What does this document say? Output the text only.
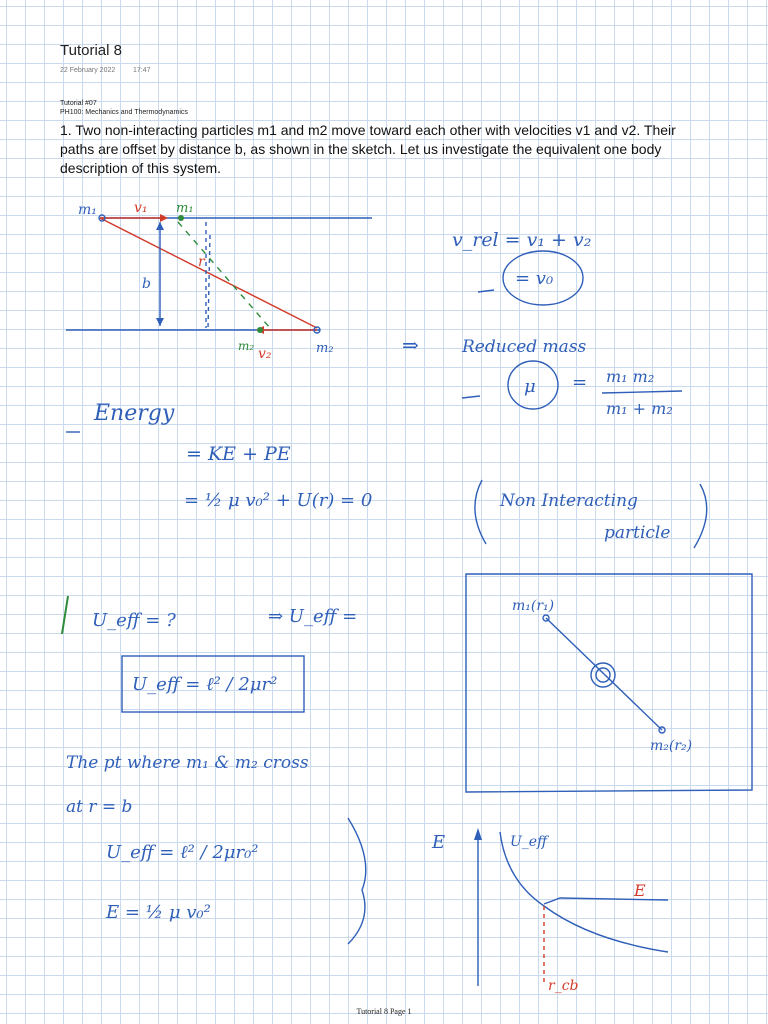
Tutorial 8
22 February 2022	17:47
Tutorial #07
PH100: Mechanics and Thermodynamics
1. Two non-interacting particles m1 and m2 move toward each other with velocities v1 and v2. Their paths are offset by distance b, as shown in the sketch. Let us investigate the equivalent one body description of this system.
m₁	v₁ m₁
b
r
m₂ v₂	m₂
v_rel = v₁ + v₂
= v₀
⇒	Reduced mass
μ = m₁ m₂
m₁ + m₂
Energy
= KE + PE
= ½ μ v₀² + U(r) = 0	Non Interacting
particle
U_eff = ?	⇒ U_eff =
U_eff = ℓ² / 2μr²
m₁(r₁)
m₂(r₂)
The pt where m₁ & m₂ cross
at r = b
U_eff = ℓ² / 2μr₀²
E = ½ μ v₀²
E	U_eff
E
r_cb
Tutorial 8 Page 1
